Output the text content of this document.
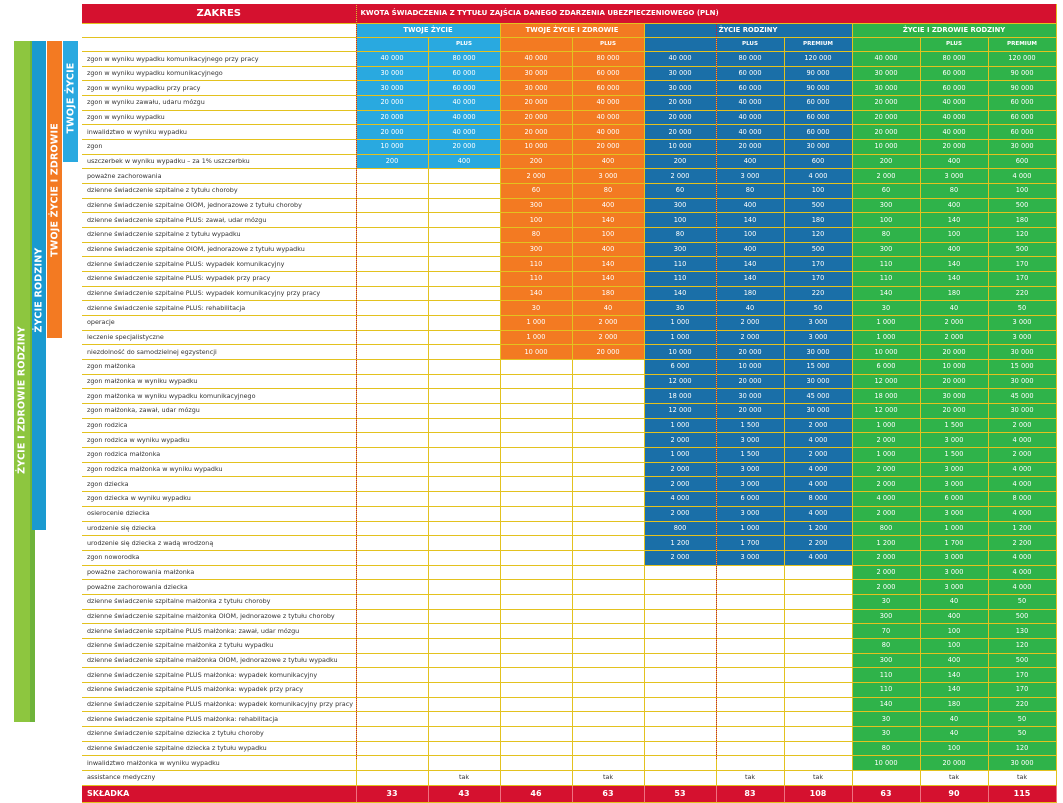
ŻYCIE I ZDROWIE RODZINY
ŻYCIE RODZINY
TWOJE ŻYCIE I ZDROWIE
TWOJE ŻYCIE
ZAKRES	KWOTA ŚWIADCZENIA Z TYTUŁU ZAJŚCIA DANEGO ZDARZENIA UBEZPIECZENIOWEGO (PLN)									
	TWOJE ŻYCIE		TWOJE ŻYCIE I ZDROWIE		ŻYCIE RODZINY			ŻYCIE I ZDROWIE RODZINY		
		PLUS		PLUS		PLUS	PREMIUM		PLUS	PREMIUM
zgon w wyniku wypadku komunikacyjnego przy pracy	40 000	80 000	40 000	80 000	40 000	80 000	120 000	40 000	80 000	120 000
zgon w wyniku wypadku komunikacyjnego	30 000	60 000	30 000	60 000	30 000	60 000	90 000	30 000	60 000	90 000
zgon w wyniku wypadku przy pracy	30 000	60 000	30 000	60 000	30 000	60 000	90 000	30 000	60 000	90 000
zgon w wyniku zawału, udaru mózgu	20 000	40 000	20 000	40 000	20 000	40 000	60 000	20 000	40 000	60 000
zgon w wyniku wypadku	20 000	40 000	20 000	40 000	20 000	40 000	60 000	20 000	40 000	60 000
inwalidztwo w wyniku wypadku	20 000	40 000	20 000	40 000	20 000	40 000	60 000	20 000	40 000	60 000
zgon	10 000	20 000	10 000	20 000	10 000	20 000	30 000	10 000	20 000	30 000
uszczerbek w wyniku wypadku – za 1% uszczerbku	200	400	200	400	200	400	600	200	400	600
poważne zachorowania			2 000	3 000	2 000	3 000	4 000	2 000	3 000	4 000
dzienne świadczenie szpitalne z tytułu choroby			60	80	60	80	100	60	80	100
dzienne świadczenie szpitalne OIOM, jednorazowe z tytułu choroby			300	400	300	400	500	300	400	500
dzienne świadczenie szpitalne PLUS: zawał, udar mózgu			100	140	100	140	180	100	140	180
dzienne świadczenie szpitalne z tytułu wypadku			80	100	80	100	120	80	100	120
dzienne świadczenie szpitalne OIOM, jednorazowe z tytułu wypadku			300	400	300	400	500	300	400	500
dzienne świadczenie szpitalne PLUS: wypadek komunikacyjny			110	140	110	140	170	110	140	170
dzienne świadczenie szpitalne PLUS: wypadek przy pracy			110	140	110	140	170	110	140	170
dzienne świadczenie szpitalne PLUS: wypadek komunikacyjny przy pracy			140	180	140	180	220	140	180	220
dzienne świadczenie szpitalne PLUS: rehabilitacja			30	40	30	40	50	30	40	50
operacje			1 000	2 000	1 000	2 000	3 000	1 000	2 000	3 000
leczenie specjalistyczne			1 000	2 000	1 000	2 000	3 000	1 000	2 000	3 000
niezdolność do samodzielnej egzystencji			10 000	20 000	10 000	20 000	30 000	10 000	20 000	30 000
zgon małżonka					6 000	10 000	15 000	6 000	10 000	15 000
zgon małżonka w wyniku wypadku					12 000	20 000	30 000	12 000	20 000	30 000
zgon małżonka w wyniku wypadku komunikacyjnego					18 000	30 000	45 000	18 000	30 000	45 000
zgon małżonka, zawał, udar mózgu					12 000	20 000	30 000	12 000	20 000	30 000
zgon rodzica					1 000	1 500	2 000	1 000	1 500	2 000
zgon rodzica w wyniku wypadku					2 000	3 000	4 000	2 000	3 000	4 000
zgon rodzica małżonka					1 000	1 500	2 000	1 000	1 500	2 000
zgon rodzica małżonka w wyniku wypadku					2 000	3 000	4 000	2 000	3 000	4 000
zgon dziecka					2 000	3 000	4 000	2 000	3 000	4 000
zgon dziecka w wyniku wypadku					4 000	6 000	8 000	4 000	6 000	8 000
osierocenie dziecka					2 000	3 000	4 000	2 000	3 000	4 000
urodzenie się dziecka					800	1 000	1 200	800	1 000	1 200
urodzenie się dziecka z wadą wrodzoną					1 200	1 700	2 200	1 200	1 700	2 200
zgon noworodka					2 000	3 000	4 000	2 000	3 000	4 000
poważne zachorowania małżonka								2 000	3 000	4 000
poważne zachorowania dziecka								2 000	3 000	4 000
dzienne świadczenie szpitalne małżonka z tytułu choroby								30	40	50
dzienne świadczenie szpitalne małżonka OIOM, jednorazowe z tytułu choroby								300	400	500
dzienne świadczenie szpitalne PLUS małżonka: zawał, udar mózgu								70	100	130
dzienne świadczenie szpitalne małżonka z tytułu wypadku								80	100	120
dzienne świadczenie szpitalne małżonka OIOM, jednorazowe z tytułu wypadku								300	400	500
dzienne świadczenie szpitalne PLUS małżonka: wypadek komunikacyjny								110	140	170
dzienne świadczenie szpitalne PLUS małżonka: wypadek przy pracy								110	140	170
dzienne świadczenie szpitalne PLUS małżonka: wypadek komunikacyjny przy pracy								140	180	220
dzienne świadczenie szpitalne PLUS małżonka: rehabilitacja								30	40	50
dzienne świadczenie szpitalne dziecka z tytułu choroby								30	40	50
dzienne świadczenie szpitalne dziecka z tytułu wypadku								80	100	120
inwalidztwo małżonka w wyniku wypadku								10 000	20 000	30 000
assistance medyczny		tak		tak		tak	tak		tak	tak
SKŁADKA	33	43	46	63	53	83	108	63	90	115
